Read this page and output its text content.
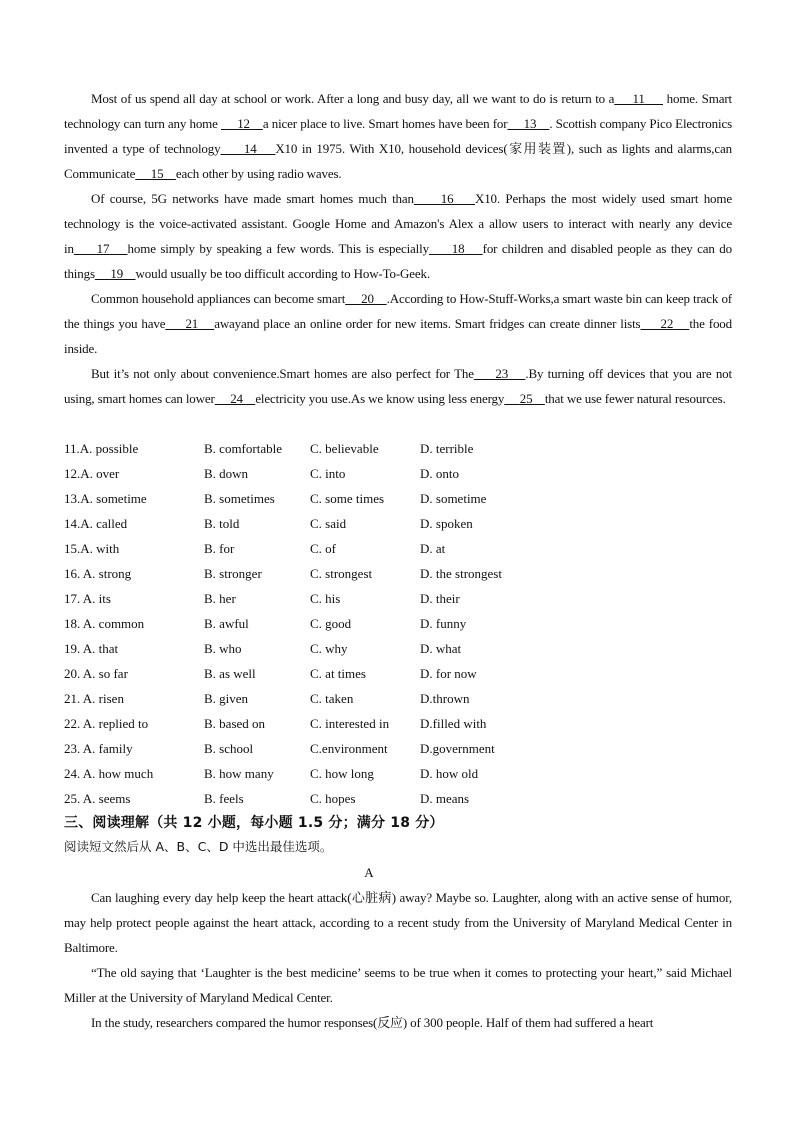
Most of us spend all day at school or work. After a long and busy day, all we want to do is return to a 11      home. Smart technology can turn any home      12 a nicer place to live. Smart homes have been for 13 . Scottish company Pico Electronics invented a type of technology 14 X10 in 1975. With X10, household devices(家用装置), such as lights and alarms,can Communicate 15 each other by using radio waves.
Of course, 5G networks have made smart homes much than 16 X10. Perhaps the most widely used smart home technology is the voice-activated assistant. Google Home and Amazon's Alex a allow users to interact with nearly any device in 17 home simply by speaking a few words. This is especially 18 for children and disabled people as they can do things 19 would usually be too difficult according to How-To-Geek.
Common household appliances can become smart 20 .According to How-Stuff-Works,a smart waste bin can keep track of the things you have 21 awayand place an online order for new items. Smart fridges can create dinner lists 22 the food inside.
But it’s not only about convenience.Smart homes are also perfect for The 23 .By turning off devices that you are not using, smart homes can lower 24 electricity you use.As we know using less energy 25 that we use fewer natural resources.
11.A. possible	B. comfortable C. believable	D. terrible
12.A. over	B. down	C. into	D. onto
13.A. sometime	B. sometimes	C. some times	D. sometime
14.A. called	B. told	C. said	D. spoken
15.A. with	B. for	C. of	D. at
16. A. strong	B. stronger	C. strongest	D. the strongest
17. A. its	B. her	C. his	D. their
18. A. common	B. awful	C. good	D. funny
19. A. that	B. who	C. why	D. what
20. A. so far	B. as well	C. at times	D. for now
21. A. risen	B. given	C. taken	D.thrown
22. A. replied to	B. based on	C. interested in D.filled with
23. A. family	B. school	C.environment D.government
24. A. how much	B. how many	C. how long	D. how old
25. A. seems	B. feels	C. hopes	D. means
三、阅读理解（共 12 小题，每小题 1.5 分；满分 18 分）
阅读短文然后从 A、B、C、D 中选出最佳选项。
A
Can laughing every day help keep the heart attack(心脏病) away? Maybe so. Laughter, along with an active sense of humor, may help protect people against the heart attack, according to a recent study from the University of Maryland Medical Center in Baltimore.
“The old saying that ‘Laughter is the best medicine’ seems to be true when it comes to protecting your heart,” said Michael Miller at the University of Maryland Medical Center.
In the study, researchers compared the humor responses(反应) of 300 people. Half of them had suffered a heart
